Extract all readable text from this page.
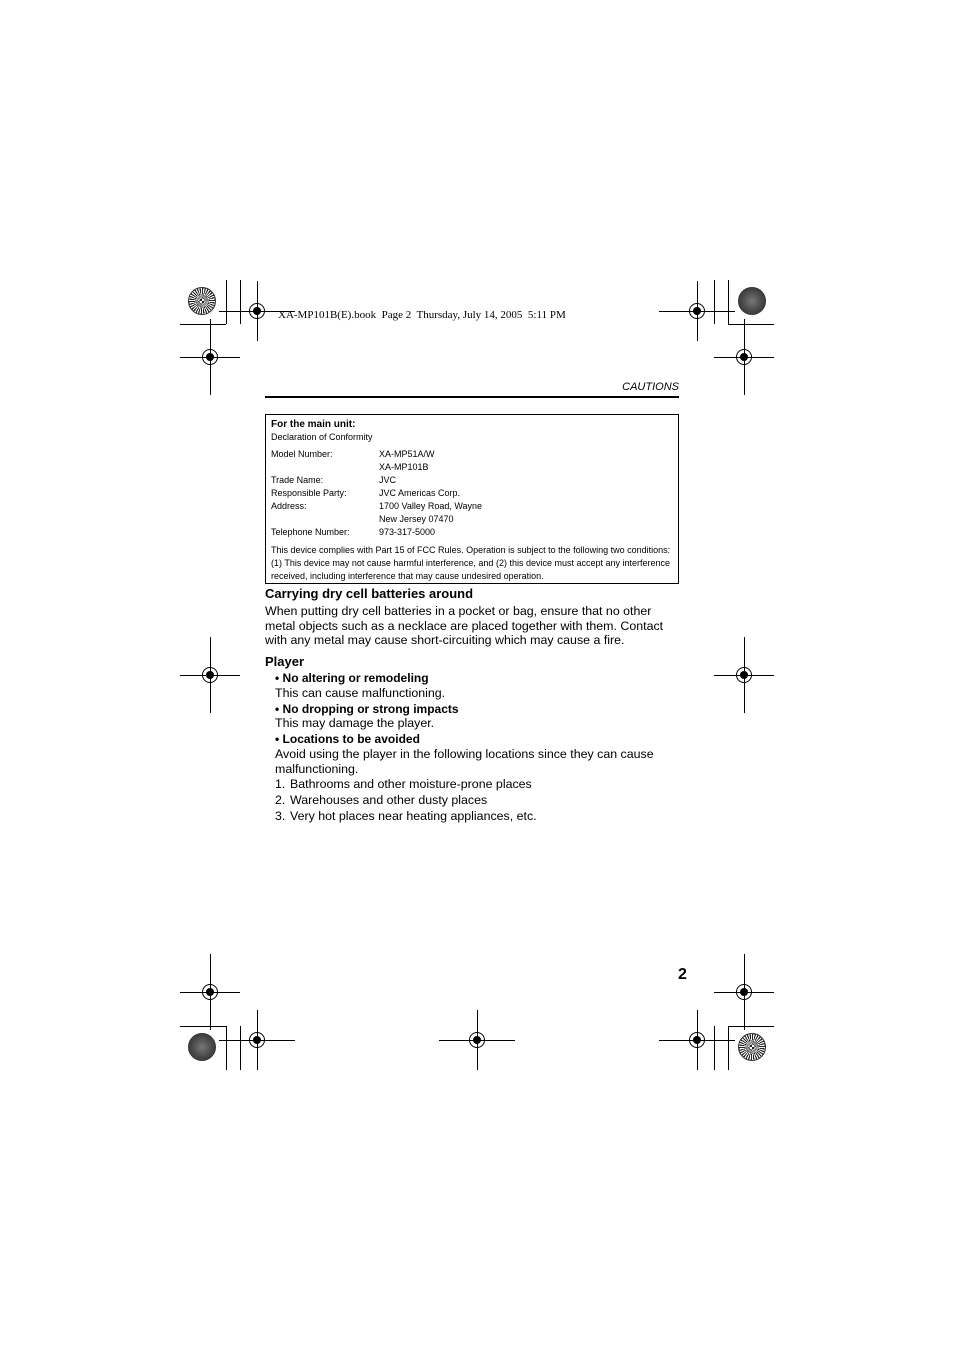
XA-MP101B(E).book  Page 2  Thursday, July 14, 2005  5:11 PM
CAUTIONS
For the main unit:
Declaration of Conformity
Model Number:	XA-MP51A/W
XA-MP101B
Trade Name:	JVC
Responsible Party:	JVC Americas Corp.
Address:	1700 Valley Road, Wayne
New Jersey 07470
Telephone Number:	973-317-5000
This device complies with Part 15 of FCC Rules. Operation is subject to the following two conditions: (1) This device may not cause harmful interference, and (2) this device must accept any interference received, including interference that may cause undesired operation.
Carrying dry cell batteries around
When putting dry cell batteries in a pocket or bag, ensure that no other metal objects such as a necklace are placed together with them. Contact with any metal may cause short-circuiting which may cause a fire.
Player
• No altering or remodeling
This can cause malfunctioning.
• No dropping or strong impacts
This may damage the player.
• Locations to be avoided
Avoid using the player in the following locations since they can cause malfunctioning.
1. Bathrooms and other moisture-prone places
2. Warehouses and other dusty places
3. Very hot places near heating appliances, etc.
2
